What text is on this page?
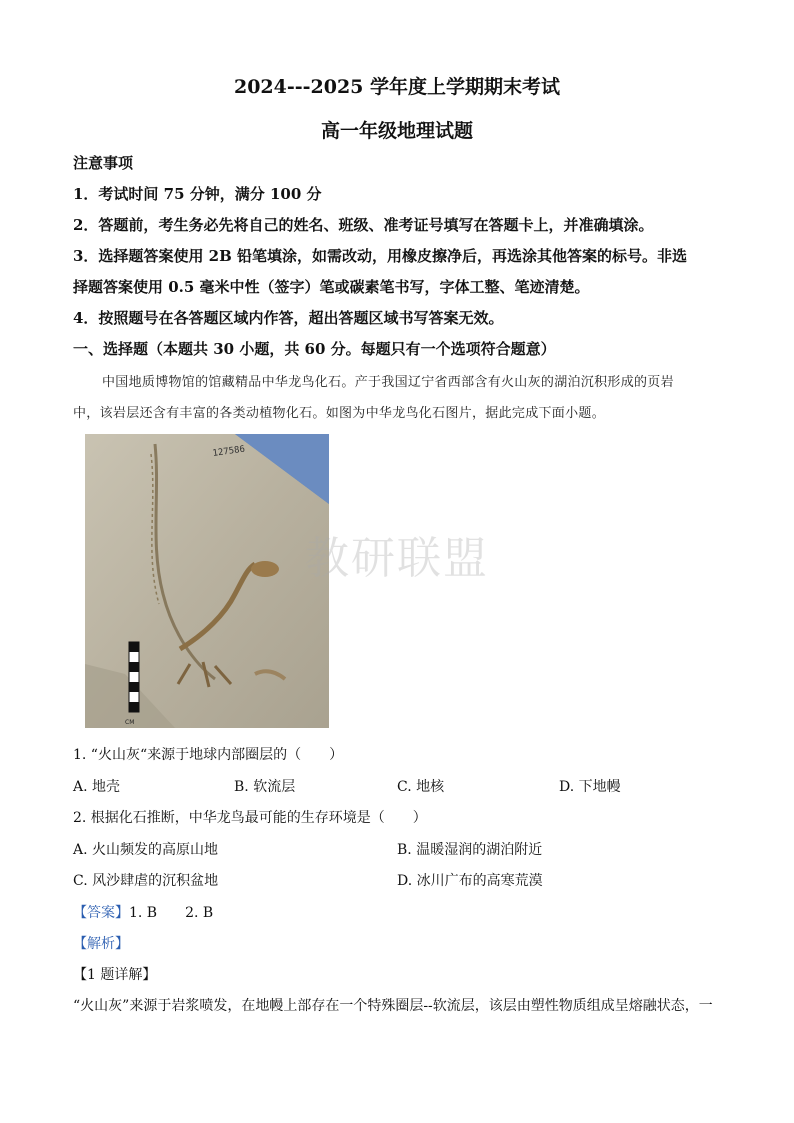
2024---2025 学年度上学期期末考试
高一年级地理试题
注意事项
1．考试时间 75 分钟，满分 100 分
2．答题前，考生务必先将自己的姓名、班级、准考证号填写在答题卡上，并准确填涂。
3．选择题答案使用 2B 铅笔填涂，如需改动，用橡皮擦净后，再选涂其他答案的标号。非选
择题答案使用 0.5 毫米中性（签字）笔或碳素笔书写，字体工整、笔迹清楚。
4．按照题号在各答题区域内作答，超出答题区域书写答案无效。
一、选择题（本题共 30 小题，共 60 分。每题只有一个选项符合题意）
中国地质博物馆的馆藏精品中华龙鸟化石。产于我国辽宁省西部含有火山灰的湖泊沉积形成的页岩
中，该岩层还含有丰富的各类动植物化石。如图为中华龙鸟化石图片，据此完成下面小题。
CM
127586
教研联盟
1. “火山灰“来源于地球内部圈层的（　　）
A. 地壳	B. 软流层	C. 地核	D. 下地幔
2. 根据化石推断，中华龙鸟最可能的生存环境是（　　）
A. 火山频发的高原山地	B. 温暖湿润的湖泊附近
C. 风沙肆虐的沉积盆地	D. 冰川广布的高寒荒漠
【答案】1. B　　2. B
【解析】
【1 题详解】
“火山灰”来源于岩浆喷发，在地幔上部存在一个特殊圈层--软流层，该层由塑性物质组成呈熔融状态，一
